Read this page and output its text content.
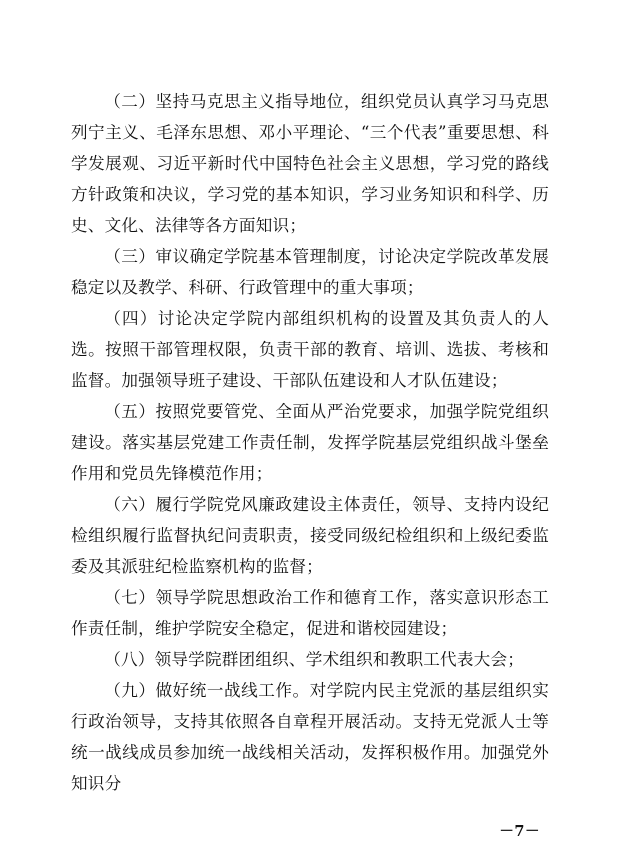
（二）坚持马克思主义指导地位，组织党员认真学习马克思列宁主义、毛泽东思想、邓小平理论、“三个代表”重要思想、科学发展观、习近平新时代中国特色社会主义思想，学习党的路线方针政策和决议，学习党的基本知识，学习业务知识和科学、历史、文化、法律等各方面知识；

（三）审议确定学院基本管理制度，讨论决定学院改革发展稳定以及教学、科研、行政管理中的重大事项；

（四）讨论决定学院内部组织机构的设置及其负责人的人选。按照干部管理权限，负责干部的教育、培训、选拔、考核和监督。加强领导班子建设、干部队伍建设和人才队伍建设；

（五）按照党要管党、全面从严治党要求，加强学院党组织建设。落实基层党建工作责任制，发挥学院基层党组织战斗堡垒作用和党员先锋模范作用；

（六）履行学院党风廉政建设主体责任，领导、支持内设纪检组织履行监督执纪问责职责，接受同级纪检组织和上级纪委监委及其派驻纪检监察机构的监督；

（七）领导学院思想政治工作和德育工作，落实意识形态工作责任制，维护学院安全稳定，促进和谐校园建设；

（八）领导学院群团组织、学术组织和教职工代表大会；

（九）做好统一战线工作。对学院内民主党派的基层组织实行政治领导，支持其依照各自章程开展活动。支持无党派人士等统一战线成员参加统一战线相关活动，发挥积极作用。加强党外知识分

－7－
